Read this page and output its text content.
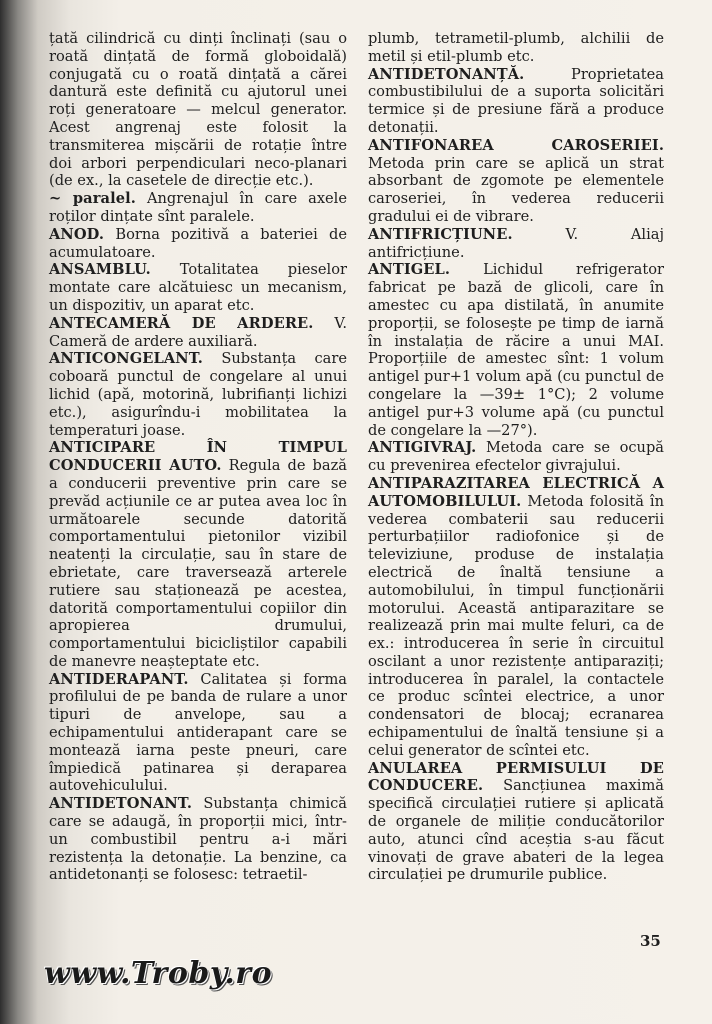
țată cilindrică cu dinți înclinați (sau o roată dințată de formă globoidală) conjugată cu o roată dințată a cărei dantură este definită cu ajutorul unei roți generatoare — melcul generator. Acest angrenaj este folosit la transmiterea mișcării de rotație între doi arbori perpendiculari neco-planari (de ex., la casetele de direcție etc.).

~ paralel. Angrenajul în care axele roților dințate sînt paralele.

ANOD. Borna pozitivă a bateriei de acumulatoare.

ANSAMBLU. Totalitatea pieselor montate care alcătuiesc un mecanism, un dispozitiv, un aparat etc.

ANTECAMERĂ DE ARDERE. V. Cameră de ardere auxiliară.

ANTICONGELANT. Substanța care coboară punctul de congelare al unui lichid (apă, motorină, lubrifianți lichizi etc.), asigurîndu-i mobilitatea la temperaturi joase.

ANTICIPARE ÎN TIMPUL CONDUCERII AUTO. Regula de bază a conducerii preventive prin care se prevăd acțiunile ce ar putea avea loc în următoarele secunde datorită comportamentului pietonilor vizibil neatenți la circulație, sau în stare de ebrietate, care traversează arterele rutiere sau staționează pe acestea, datorită comportamentului copiilor din apropierea drumului, comportamentului bicicliștilor capabili de manevre neașteptate etc.

ANTIDERAPANT. Calitatea și forma profilului de pe banda de rulare a unor tipuri de anvelope, sau a echipamentului antiderapant care se montează iarna peste pneuri, care împiedică patinarea și deraparea autovehiculului.

ANTIDETONANT. Substanța chimică care se adaugă, în proporții mici, într-un combustibil pentru a-i mări rezistența la detonație. La benzine, ca antidetonanți se folosesc: tetraetil-

plumb, tetrametil-plumb, alchilii de metil și etil-plumb etc.

ANTIDETONANȚĂ.	Proprietatea combustibilului de a suporta solicitări termice și de presiune fără a produce detonații.

ANTIFONAREA CAROSERIEI. Metoda prin care se aplică un strat absorbant de zgomote pe elementele caroseriei, în vederea reducerii gradului ei de vibrare.

ANTIFRICȚIUNE.	V. Aliaj antifricțiune.

ANTIGEL. Lichidul refrigerator fabricat pe bază de glicoli, care în amestec cu apa distilată, în anumite proporții, se folosește pe timp de iarnă în instalația de răcire a unui MAI. Proporțiile de amestec sînt: 1 volum antigel pur+1 volum apă (cu punctul de congelare la —39± 1°C); 2 volume antigel pur+3 volume apă (cu punctul de congelare la —27°).

ANTIGIVRAJ. Metoda care se ocupă cu prevenirea efectelor givrajului.

ANTIPARAZITAREA ELECTRICĂ A AUTOMOBILULUI. Metoda folosită în vederea combaterii sau reducerii perturbațiilor radiofonice și de televiziune, produse de instalația electrică de înaltă tensiune a automobilului, în timpul funcționării motorului. Această antiparazitare se realizează prin mai multe feluri, ca de ex.: introducerea în serie în circuitul oscilant a unor rezistențe antiparaziți; introducerea în paralel, la contactele ce produc scîntei electrice, a unor condensatori de blocaj; ecranarea echipamentului de înaltă tensiune și a celui generator de scîntei etc.

ANULAREA PERMISULUI DE CONDUCERE. Sancțiunea maximă specifică circulației rutiere și aplicată de organele de miliție conducătorilor auto, atunci cînd aceștia s-au făcut vinovați de grave abateri de la legea circulației pe drumurile publice.

35
www.Troby.ro
